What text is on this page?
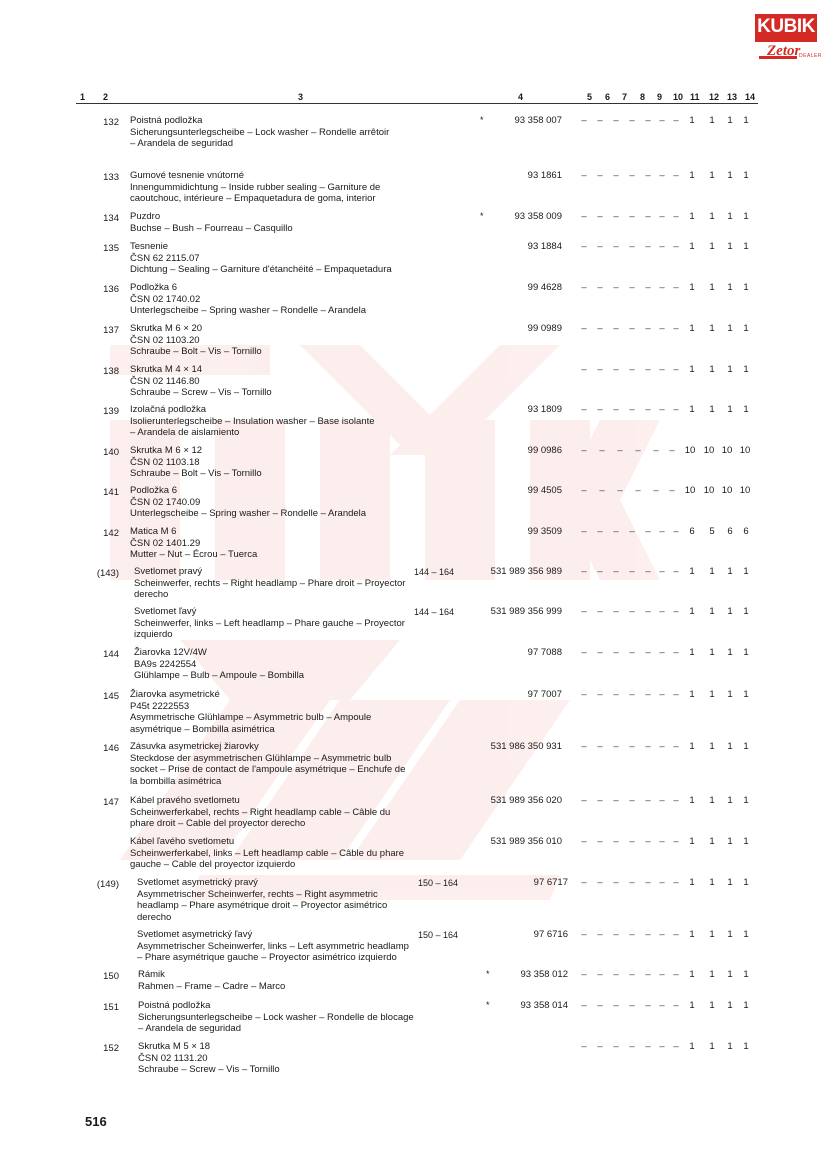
KUBIK
Zetor
DEALER
1 2	3	4	5 6 7 8 9 10 11 12 13 14
132 Poistná podložka
Sicherungsunterlegscheibe – Lock washer – Rondelle arrêtoir
– Arandela de seguridad
*	93 358 007	–	–	–	–	– – –	1	1	1	1
133 Gumové tesnenie vnútorné
Innengummidichtung – Inside rubber sealing – Garniture de
caoutchouc, intérieure – Empaquetadura de goma, interior
93 1861	–	–	–	–	– – –	1	1	1	1
134 Puzdro
Buchse – Bush – Fourreau – Casquillo
*	93 358 009	–	–	–	–	– – –	1	1	1	1
135 Tesnenie
ČSN 62 2115.07
Dichtung – Sealing – Garniture d'étanchéité – Empaquetadura
93 1884	–	–	–	–	– – –	1	1	1	1
136 Podložka 6
ČSN 02 1740.02
Unterlegscheibe – Spring washer – Rondelle – Arandela
99 4628	–	–	–	–	– – –	1	1	1	1
137 Skrutka M 6 × 20
ČSN 02 1103.20
Schraube – Bolt – Vis – Tornillo
99 0989	–	–	–	–	– – –	1	1	1	1
138 Skrutka M 4 × 14
ČSN 02 1146.80
Schraube – Screw – Vis – Tornillo
–	–	–	–	– – –	1	1	1	1
139 Izolačná podložka
Isolierunterlegscheibe – Insulation washer – Base isolante
– Arandela de aislamiento
93 1809	–	–	–	–	– – –	1	1	1	1
140 Skrutka M 6 × 12
ČSN 02 1103.18
Schraube – Bolt – Vis – Tornillo
99 0986	–	–	–	–	–	–	10 10 10 10
141 Podložka 6
ČSN 02 1740.09
Unterlegscheibe – Spring washer – Rondelle – Arandela
99 4505	–	–	–	–	–	–	10 10 10 10
142 Matica M 6
ČSN 02 1401.29
Mutter – Nut – Écrou – Tuerca
99 3509	–	–	–	–	– – –	6	5	6	6
(143) Svetlomet pravý
Scheinwerfer, rechts – Right headlamp – Phare droit – Proyector
derecho
144 – 164	531 989 356 989	–	–	–	–	– – –	1	1	1	1
Svetlomet ľavý
Scheinwerfer, links – Left headlamp – Phare gauche – Proyector
izquierdo
144 – 164	531 989 356 999	–	–	–	–	– – –	1	1	1	1
144 Žiarovka 12V/4W
BA9s 2242554
Glühlampe – Bulb – Ampoule – Bombilla
97 7088	–	–	–	–	– – –	1	1	1	1
145 Žiarovka asymetrické
P45t 2222553
Asymmetrische Glühlampe – Asymmetric bulb – Ampoule
asymétrique – Bombilla asimétrica
97 7007	–	–	–	–	– – –	1	1	1	1
146 Zásuvka asymetrickej žiarovky
Steckdose der asymmetrischen Glühlampe – Asymmetric bulb
socket – Prise de contact de l'ampoule asymétrique – Enchufe de
la bombilla asimétrica
531 986 350 931	–	–	–	–	– – –	1	1	1	1
147 Kábel pravého svetlometu
Scheinwerferkabel, rechts – Right headlamp cable – Câble du
phare droit – Cable del proyector derecho
531 989 356 020	–	–	–	–	– – –	1	1	1	1
Kábel ľavého svetlometu
Scheinwerferkabel, links – Left headlamp cable – Câble du phare
gauche – Cable del proyector izquierdo
531 989 356 010	–	–	–	–	– – –	1	1	1	1
(149) Svetlomet asymetrický pravý
Asymmetrischer Scheinwerfer, rechts – Right asymmetric
headlamp – Phare asymétrique droit – Proyector asimétrico
derecho
150 – 164	97 6717	–	–	–	–	– – –	1	1	1	1
Svetlomet asymetrický ľavý
Asymmetrischer Scheinwerfer, links – Left asymmetric headlamp
– Phare asymétrique gauche – Proyector asimétrico izquierdo
150 – 164	97 6716	–	–	–	–	– – –	1	1	1	1
150 Rámik
Rahmen – Frame – Cadre – Marco
*	93 358 012	–	–	–	–	– – –	1	1	1	1
151 Poistná podložka
Sicherungsunterlegscheibe – Lock washer – Rondelle de blocage
– Arandela de seguridad
*	93 358 014	–	–	–	–	– – –	1	1	1	1
152 Skrutka M 5 × 18
ČSN 02 1131.20
Schraube – Screw – Vis – Tornillo
–	–	–	–	– – –	1	1	1	1
516
